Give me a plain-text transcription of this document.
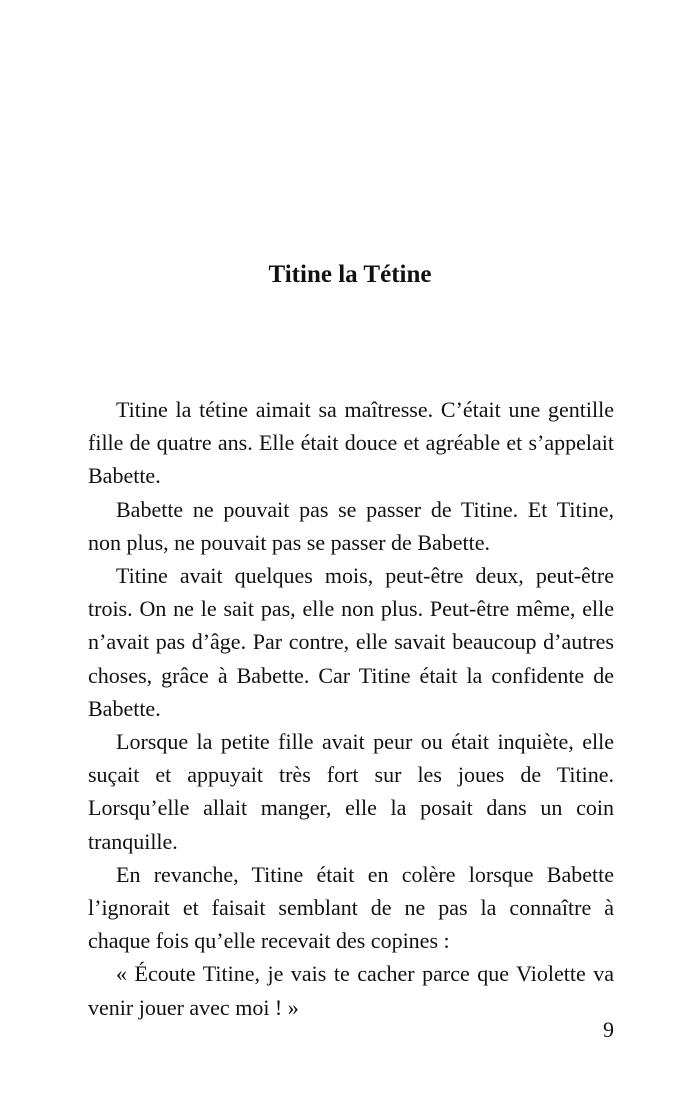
Titine la Tétine

Titine la tétine aimait sa maîtresse. C’était une gentille fille de quatre ans. Elle était douce et agréable et s’appelait Babette.

Babette ne pouvait pas se passer de Titine. Et Titine, non plus, ne pouvait pas se passer de Babette.

Titine avait quelques mois, peut-être deux, peut-être trois. On ne le sait pas, elle non plus. Peut-être même, elle n’avait pas d’âge. Par contre, elle savait beaucoup d’autres choses, grâce à Babette. Car Titine était la confidente de Babette.

Lorsque la petite fille avait peur ou était inquiète, elle suçait et appuyait très fort sur les joues de Titine. Lorsqu’elle allait manger, elle la posait dans un coin tranquille.

En revanche, Titine était en colère lorsque Babette l’ignorait et faisait semblant de ne pas la connaître à chaque fois qu’elle recevait des copines :

« Écoute Titine, je vais te cacher parce que Violette va venir jouer avec moi ! »

9
